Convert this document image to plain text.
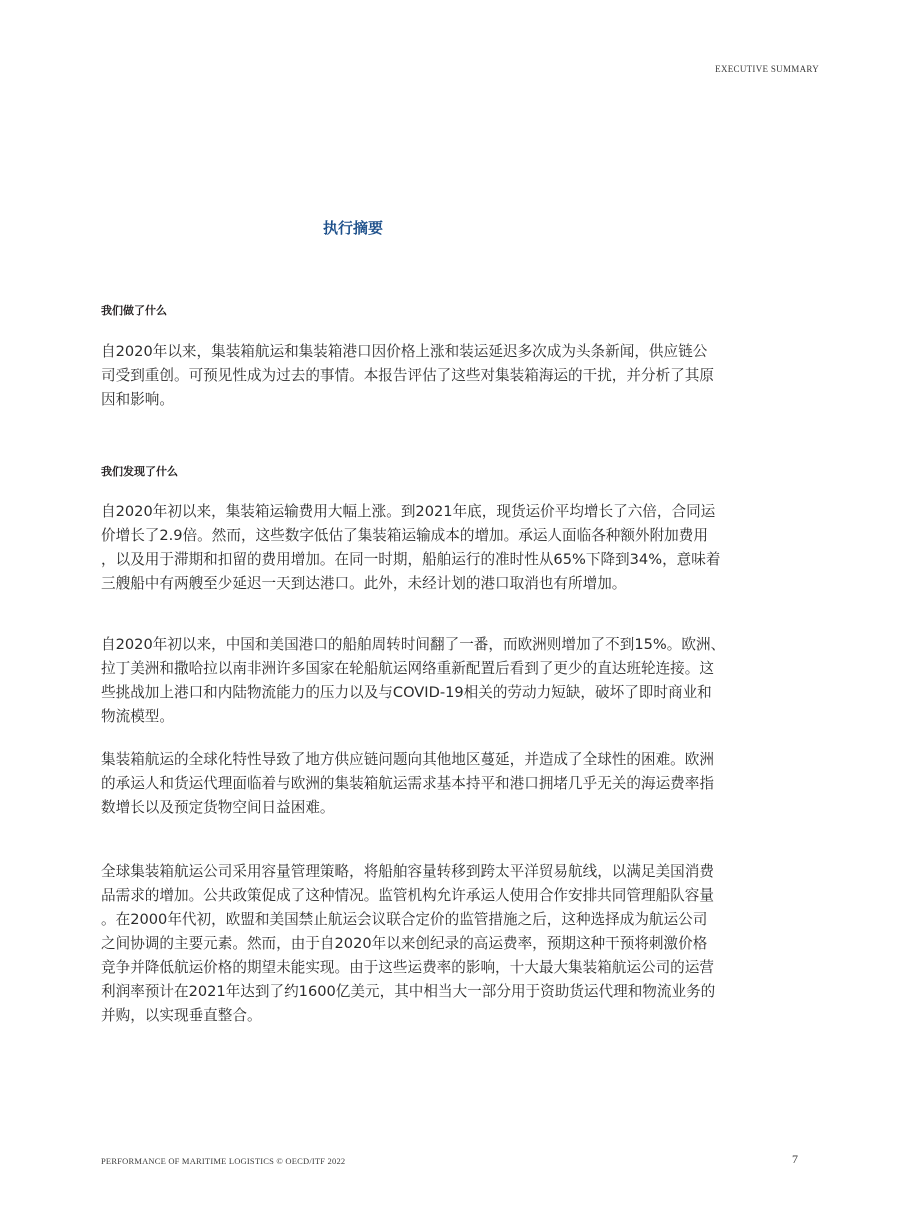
EXECUTIVE SUMMARY
执行摘要
我们做了什么
自2020年以来，集装箱航运和集装箱港口因价格上涨和装运延迟多次成为头条新闻，供应链公
司受到重创。可预见性成为过去的事情。本报告评估了这些对集装箱海运的干扰，并分析了其原
因和影响。
我们发现了什么
自2020年初以来，集装箱运输费用大幅上涨。到2021年底，现货运价平均增长了六倍，合同运
价增长了2.9倍。然而，这些数字低估了集装箱运输成本的增加。承运人面临各种额外附加费用
，以及用于滞期和扣留的费用增加。在同一时期，船舶运行的准时性从65%下降到34%，意味着
三艘船中有两艘至少延迟一天到达港口。此外，未经计划的港口取消也有所增加。
自2020年初以来，中国和美国港口的船舶周转时间翻了一番，而欧洲则增加了不到15%。欧洲、
拉丁美洲和撒哈拉以南非洲许多国家在轮船航运网络重新配置后看到了更少的直达班轮连接。这
些挑战加上港口和内陆物流能力的压力以及与COVID-19相关的劳动力短缺，破坏了即时商业和
物流模型。
集装箱航运的全球化特性导致了地方供应链问题向其他地区蔓延，并造成了全球性的困难。欧洲
的承运人和货运代理面临着与欧洲的集装箱航运需求基本持平和港口拥堵几乎无关的海运费率指
数增长以及预定货物空间日益困难。
全球集装箱航运公司采用容量管理策略，将船舶容量转移到跨太平洋贸易航线，以满足美国消费
品需求的增加。公共政策促成了这种情况。监管机构允许承运人使用合作安排共同管理船队容量
。在2000年代初，欧盟和美国禁止航运会议联合定价的监管措施之后，这种选择成为航运公司
之间协调的主要元素。然而，由于自2020年以来创纪录的高运费率，预期这种干预将刺激价格
竞争并降低航运价格的期望未能实现。由于这些运费率的影响，十大最大集装箱航运公司的运营
利润率预计在2021年达到了约1600亿美元，其中相当大一部分用于资助货运代理和物流业务的
并购，以实现垂直整合。
PERFORMANCE OF MARITIME LOGISTICS © OECD/ITF 2022	7
